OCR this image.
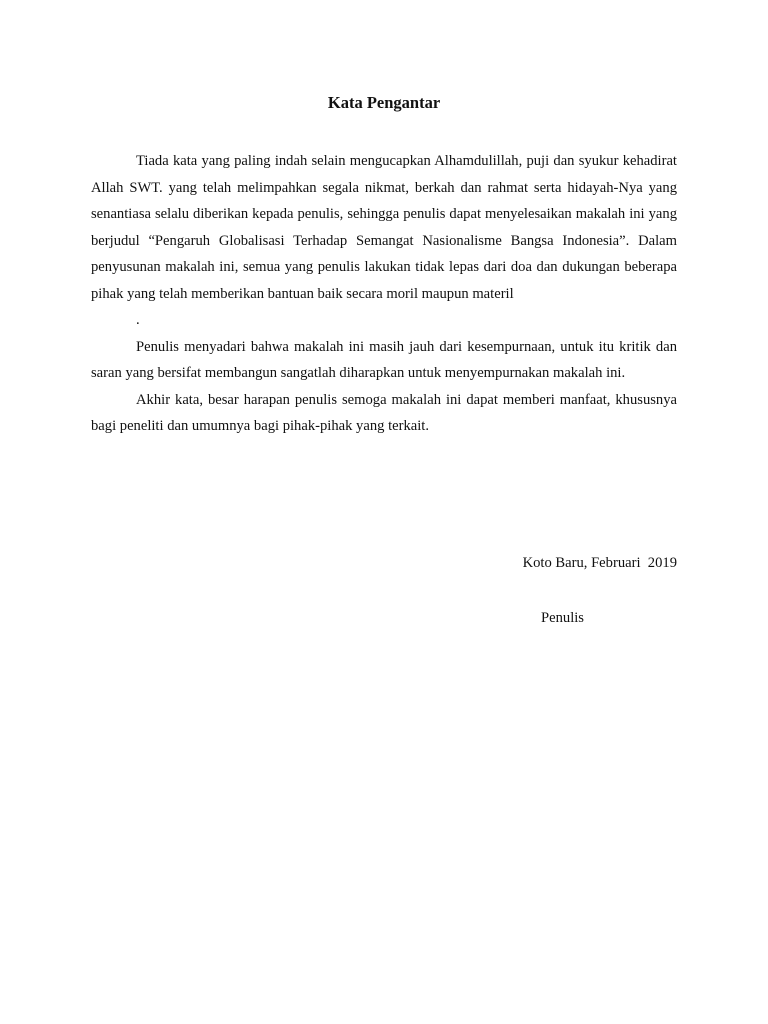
Kata Pengantar

Tiada kata yang paling indah selain mengucapkan Alhamdulillah, puji dan syukur kehadirat Allah SWT. yang telah melimpahkan segala nikmat, berkah dan rahmat serta hidayah-Nya yang senantiasa selalu diberikan kepada penulis, sehingga penulis dapat menyelesaikan makalah ini yang berjudul “Pengaruh Globalisasi Terhadap Semangat Nasionalisme Bangsa Indonesia”. Dalam penyusunan makalah ini, semua yang penulis lakukan tidak lepas dari doa dan dukungan beberapa pihak yang telah memberikan bantuan baik secara moril maupun materil

.

Penulis menyadari bahwa makalah ini masih jauh dari kesempurnaan, untuk itu kritik dan saran yang bersifat membangun sangatlah diharapkan untuk menyempurnakan makalah ini.

Akhir kata, besar harapan penulis semoga makalah ini dapat memberi manfaat, khususnya bagi peneliti dan umumnya bagi pihak-pihak yang terkait.

Koto Baru, Februari  2019
Penulis
